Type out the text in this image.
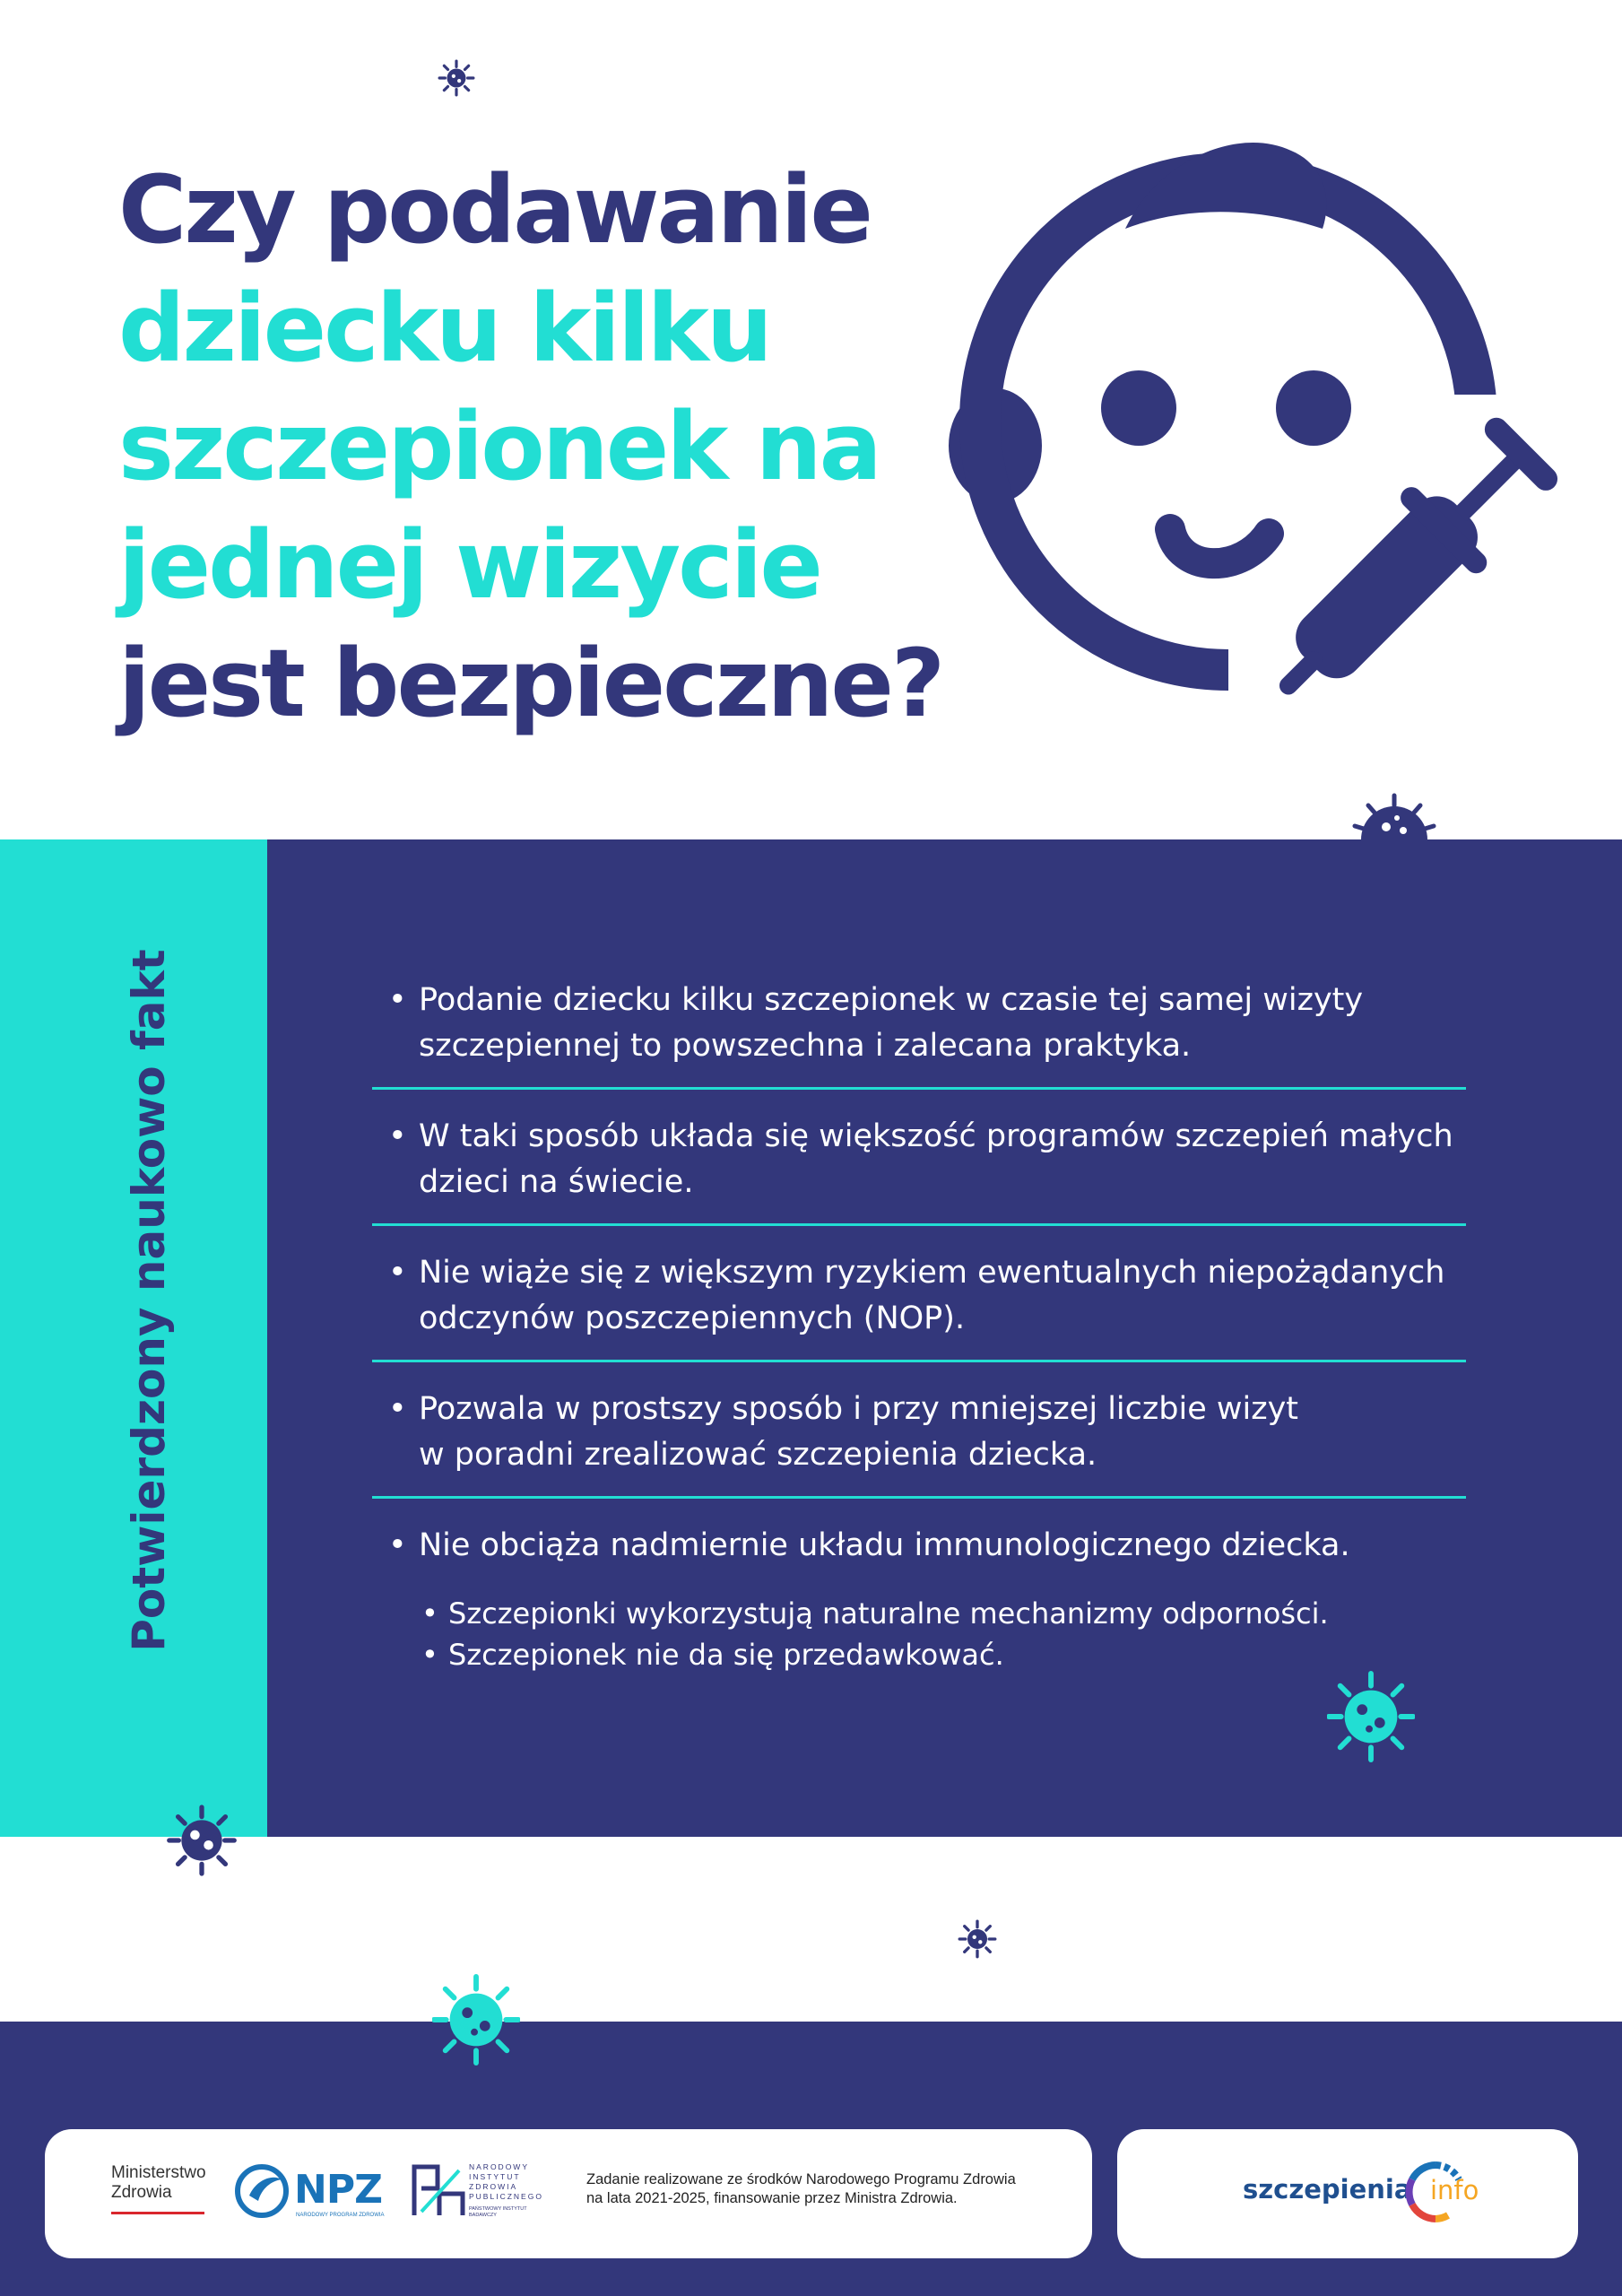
Czy podawanie
dziecku kilku
szczepionek na
jednej wizycie
jest bezpieczne?
Potwierdzony naukowo fakt
•	Podanie dziecku kilku szczepionek w czasie tej samej wizyty
szczepiennej to powszechna i zalecana praktyka.
• W taki sposób układa się większość programów szczepień małych
dzieci na świecie.
• Nie wiąże się z większym ryzykiem ewentualnych niepożądanych
odczynów poszczepiennych (NOP).
• Pozwala w prostszy sposób i przy mniejszej liczbie wizyt
w poradni zrealizować szczepienia dziecka.
• Nie obciąża nadmiernie układu immunologicznego dziecka.
• Szczepionki wykorzystują naturalne mechanizmy odporności.
• Szczepionek nie da się przedawkować.
Ministerstwo
Zdrowia	NPZ
NARODOWY PROGRAM ZDROWIA
NARODOWY
INSTYTUT
ZDROWIA
PUBLICZNEGO
PAŃSTWOWY INSTYTUT
BADAWCZY
Zadanie realizowane ze środków Narodowego Programu Zdrowia
na lata 2021-2025, finansowanie przez Ministra Zdrowia.	szczepienia info
